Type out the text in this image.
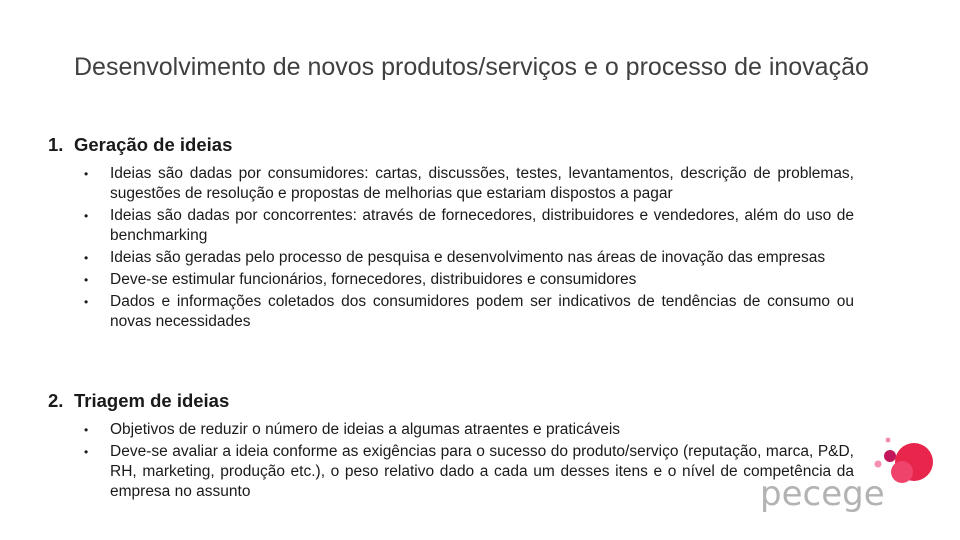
Desenvolvimento de novos produtos/serviços e o processo de inovação
1. Geração de ideias
• Ideias são dadas por consumidores: cartas, discussões, testes, levantamentos, descrição de problemas, sugestões de resolução e propostas de melhorias que estariam dispostos a pagar
• Ideias são dadas por concorrentes: através de fornecedores, distribuidores e vendedores, além do uso de benchmarking
• Ideias são geradas pelo processo de pesquisa e desenvolvimento nas áreas de inovação das empresas
• Deve-se estimular funcionários, fornecedores, distribuidores e consumidores
• Dados e informações coletados dos consumidores podem ser indicativos de tendências de consumo ou novas necessidades
2. Triagem de ideias
• Objetivos de reduzir o número de ideias a algumas atraentes e praticáveis
• Deve-se avaliar a ideia conforme as exigências para o sucesso do produto/serviço (reputação, marca, P&D, RH, marketing, produção etc.), o peso relativo dado a cada um desses itens e o nível de competência da empresa no assunto	pecege
